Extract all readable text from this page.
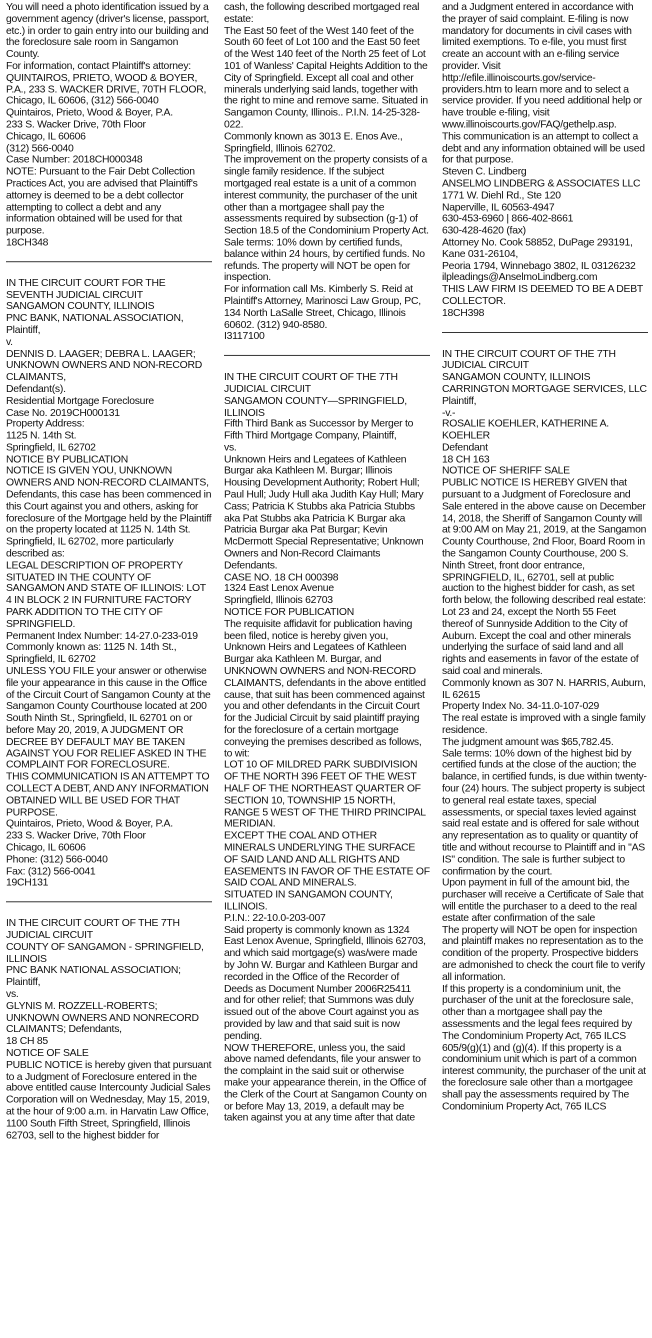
You will need a photo identification issued by a government agency (driver's license, passport, etc.) in order to gain entry into our building and the foreclosure sale room in Sangamon County.
For information, contact Plaintiff's attorney: QUINTAIROS, PRIETO, WOOD & BOYER, P.A., 233 S. WACKER DRIVE, 70TH FLOOR, Chicago, IL 60606, (312) 566-0040
Quintairos, Prieto, Wood & Boyer, P.A.
233 S. Wacker Drive, 70th Floor
Chicago, IL 60606
(312) 566-0040
Case Number: 2018CH000348
NOTE: Pursuant to the Fair Debt Collection Practices Act, you are advised that Plaintiff's attorney is deemed to be a debt collector attempting to collect a debt and any information obtained will be used for that purpose.
18CH348
IN THE CIRCUIT COURT FOR THE SEVENTH JUDICIAL CIRCUIT
SANGAMON COUNTY, ILLINOIS
PNC BANK, NATIONAL ASSOCIATION, Plaintiff,
v.
DENNIS D. LAAGER; DEBRA L. LAAGER; UNKNOWN OWNERS AND NON-RECORD CLAIMANTS,
Defendant(s).
Residential Mortgage Foreclosure
Case No. 2019CH000131
Property Address:
1125 N. 14th St.
Springfield, IL 62702
NOTICE BY PUBLICATION
NOTICE IS GIVEN YOU, UNKNOWN OWNERS AND NON-RECORD CLAIMANTS, Defendants, this case has been commenced in this Court against you and others, asking for foreclosure of the Mortgage held by the Plaintiff on the property located at 1125 N. 14th St. Springfield, IL 62702, more particularly described as:
LEGAL DESCRIPTION OF PROPERTY SITUATED IN THE COUNTY OF SANGAMON AND STATE OF ILLINOIS: LOT 4 IN BLOCK 2 IN FURNITURE FACTORY PARK ADDITION TO THE CITY OF SPRINGFIELD.
Permanent Index Number: 14-27.0-233-019
Commonly known as: 1125 N. 14th St., Springfield, IL 62702
UNLESS YOU FILE your answer or otherwise file your appearance in this cause in the Office of the Circuit Court of Sangamon County at the Sangamon County Courthouse located at 200 South Ninth St., Springfield, IL 62701 on or before May 20, 2019, A JUDGMENT OR DECREE BY DEFAULT MAY BE TAKEN AGAINST YOU FOR RELIEF ASKED IN THE COMPLAINT FOR FORECLOSURE.
THIS COMMUNICATION IS AN ATTEMPT TO COLLECT A DEBT, AND ANY INFORMATION OBTAINED WILL BE USED FOR THAT PURPOSE.
Quintairos, Prieto, Wood & Boyer, P.A.
233 S. Wacker Drive, 70th Floor
Chicago, IL 60606
Phone: (312) 566-0040
Fax: (312) 566-0041
19CH131
IN THE CIRCUIT COURT OF THE 7TH JUDICIAL CIRCUIT
COUNTY OF SANGAMON - SPRINGFIELD, ILLINOIS
PNC BANK NATIONAL ASSOCIATION; Plaintiff,
vs.
GLYNIS M. ROZZELL-ROBERTS; UNKNOWN OWNERS AND NONRECORD CLAIMANTS; Defendants,
18 CH 85
NOTICE OF SALE
PUBLIC NOTICE is hereby given that pursuant to a Judgment of Foreclosure entered in the above entitled cause Intercounty Judicial Sales Corporation will on Wednesday, May 15, 2019, at the hour of 9:00 a.m. in Harvatin Law Office, 1100 South Fifth Street, Springfield, Illinois 62703, sell to the highest bidder for
cash, the following described mortgaged real estate:
The East 50 feet of the West 140 feet of the South 60 feet of Lot 100 and the East 50 feet of the West 140 feet of the North 25 feet of Lot 101 of Wanless' Capital Heights Addition to the City of Springfield. Except all coal and other minerals underlying said lands, together with the right to mine and remove same. Situated in Sangamon County, Illinois.. P.I.N. 14-25-328-022.
Commonly known as 3013 E. Enos Ave., Springfield, Illinois 62702.
The improvement on the property consists of a single family residence. If the subject mortgaged real estate is a unit of a common interest community, the purchaser of the unit other than a mortgagee shall pay the assessments required by subsection (g-1) of Section 18.5 of the Condominium Property Act.
Sale terms: 10% down by certified funds, balance within 24 hours, by certified funds. No refunds. The property will NOT be open for inspection.
For information call Ms. Kimberly S. Reid at Plaintiff's Attorney, Marinosci Law Group, PC, 134 North LaSalle Street, Chicago, Illinois 60602. (312) 940-8580.
I3117100
IN THE CIRCUIT COURT OF THE 7TH JUDICIAL CIRCUIT
SANGAMON COUNTY—SPRINGFIELD, ILLINOIS
Fifth Third Bank as Successor by Merger to Fifth Third Mortgage Company, Plaintiff,
vs.
Unknown Heirs and Legatees of Kathleen Burgar aka Kathleen M. Burgar; Illinois Housing Development Authority; Robert Hull; Paul Hull; Judy Hull aka Judith Kay Hull; Mary Cass; Patricia K Stubbs aka Patricia Stubbs aka Pat Stubbs aka Patricia K Burgar aka Patricia Burgar aka Pat Burgar; Kevin McDermott Special Representative; Unknown Owners and Non-Record Claimants
Defendants.
CASE NO. 18 CH 000398
1324 East Lenox Avenue
Springfield, Illinois 62703
NOTICE FOR PUBLICATION
The requisite affidavit for publication having been filed, notice is hereby given you, Unknown Heirs and Legatees of Kathleen Burgar aka Kathleen M. Burgar, and UNKNOWN OWNERS and NON-RECORD CLAIMANTS, defendants in the above entitled cause, that suit has been commenced against you and other defendants in the Circuit Court for the Judicial Circuit by said plaintiff praying for the foreclosure of a certain mortgage conveying the premises described as follows, to wit:
LOT 10 OF MILDRED PARK SUBDIVISION OF THE NORTH 396 FEET OF THE WEST HALF OF THE NORTHEAST QUARTER OF SECTION 10, TOWNSHIP 15 NORTH, RANGE 5 WEST OF THE THIRD PRINCIPAL MERIDIAN.
EXCEPT THE COAL AND OTHER MINERALS UNDERLYING THE SURFACE OF SAID LAND AND ALL RIGHTS AND EASEMENTS IN FAVOR OF THE ESTATE OF SAID COAL AND MINERALS.
SITUATED IN SANGAMON COUNTY, ILLINOIS.
P.I.N.: 22-10.0-203-007
Said property is commonly known as 1324 East Lenox Avenue, Springfield, Illinois 62703, and which said mortgage(s) was/were made by John W. Burgar and Kathleen Burgar and recorded in the Office of the Recorder of Deeds as Document Number 2006R25411 and for other relief; that Summons was duly issued out of the above Court against you as provided by law and that said suit is now pending.
NOW THEREFORE, unless you, the said above named defendants, file your answer to the complaint in the said suit or otherwise make your appearance therein, in the Office of the Clerk of the Court at Sangamon County on or before May 13, 2019, a default may be taken against you at any time after that date
and a Judgment entered in accordance with the prayer of said complaint. E-filing is now mandatory for documents in civil cases with limited exemptions. To e-file, you must first create an account with an e-filing service provider. Visit http://efile.illinoiscourts.gov/service-providers.htm to learn more and to select a service provider. If you need additional help or have trouble e-filing, visit www.illinoiscourts.gov/FAQ/gethelp.asp.
This communication is an attempt to collect a debt and any information obtained will be used for that purpose.
Steven C. Lindberg
ANSELMO LINDBERG & ASSOCIATES LLC
1771 W. Diehl Rd., Ste 120
Naperville, IL 60563-4947
630-453-6960 | 866-402-8661
630-428-4620 (fax)
Attorney No. Cook 58852, DuPage 293191, Kane 031-26104,
Peoria 1794, Winnebago 3802, IL 03126232
ilpleadings@AnselmoLindberg.com
THIS LAW FIRM IS DEEMED TO BE A DEBT COLLECTOR.
18CH398
IN THE CIRCUIT COURT OF THE 7TH JUDICIAL CIRCUIT
SANGAMON COUNTY, ILLINOIS
CARRINGTON MORTGAGE SERVICES, LLC
Plaintiff,
-v.-
ROSALIE KOEHLER, KATHERINE A. KOEHLER
Defendant
18 CH 163
NOTICE OF SHERIFF SALE
PUBLIC NOTICE IS HEREBY GIVEN that pursuant to a Judgment of Foreclosure and Sale entered in the above cause on December 14, 2018, the Sheriff of Sangamon County will at 9:00 AM on May 21, 2019, at the Sangamon County Courthouse, 2nd Floor, Board Room in the Sangamon County Courthouse, 200 S. Ninth Street, front door entrance, SPRINGFIELD, IL, 62701, sell at public auction to the highest bidder for cash, as set forth below, the following described real estate:
Lot 23 and 24, except the North 55 Feet thereof of Sunnyside Addition to the City of Auburn. Except the coal and other minerals underlying the surface of said land and all rights and easements in favor of the estate of said coal and minerals.
Commonly known as 307 N. HARRIS, Auburn, IL 62615
Property Index No. 34-11.0-107-029
The real estate is improved with a single family residence.
The judgment amount was $65,782.45.
Sale terms: 10% down of the highest bid by certified funds at the close of the auction; the balance, in certified funds, is due within twenty-four (24) hours. The subject property is subject to general real estate taxes, special assessments, or special taxes levied against said real estate and is offered for sale without any representation as to quality or quantity of title and without recourse to Plaintiff and in "AS IS" condition. The sale is further subject to confirmation by the court.
Upon payment in full of the amount bid, the purchaser will receive a Certificate of Sale that will entitle the purchaser to a deed to the real estate after confirmation of the sale
The property will NOT be open for inspection and plaintiff makes no representation as to the condition of the property. Prospective bidders are admonished to check the court file to verify all information.
If this property is a condominium unit, the purchaser of the unit at the foreclosure sale, other than a mortgagee shall pay the assessments and the legal fees required by The Condominium Property Act, 765 ILCS 605/9(g)(1) and (g)(4). If this property is a condominium unit which is part of a common interest community, the purchaser of the unit at the foreclosure sale other than a mortgagee shall pay the assessments required by The Condominium Property Act, 765 ILCS
